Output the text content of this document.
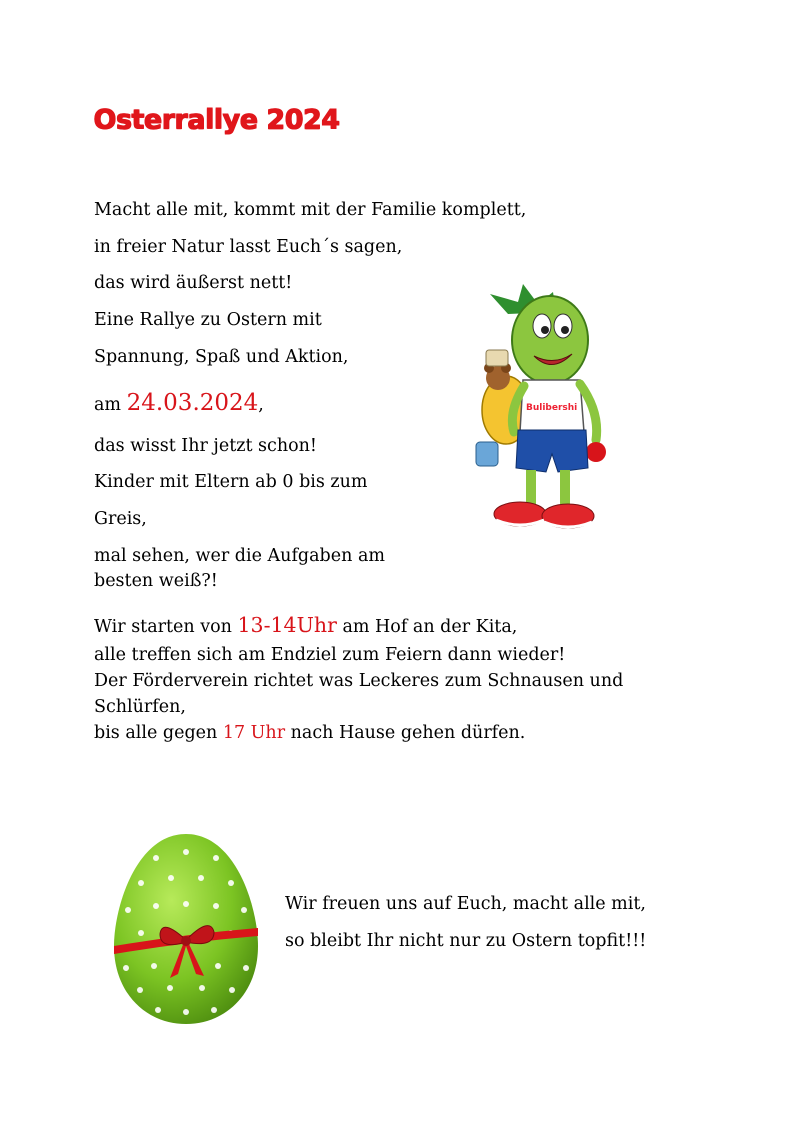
Osterrallye 2024

Macht alle mit, kommt mit der Familie komplett,

in freier Natur lasst Euch´s sagen,

das wird äußerst nett!

Eine Rallye zu Ostern mit

Spannung, Spaß und Aktion,

am 24.03.2024,

das wisst Ihr jetzt schon!

Kinder mit Eltern ab 0 bis zum

Greis,

mal sehen, wer die Aufgaben am

besten weiß?!

Wir starten von 13-14Uhr am Hof an der Kita,

alle treffen sich am Endziel zum Feiern dann wieder!

Der Förderverein richtet was Leckeres zum Schnausen und

Schlürfen,

bis alle gegen 17 Uhr nach Hause gehen dürfen.

Wir freuen uns auf Euch, macht alle mit,

so bleibt Ihr nicht nur zu Ostern topfit!!!

Bulibershi
